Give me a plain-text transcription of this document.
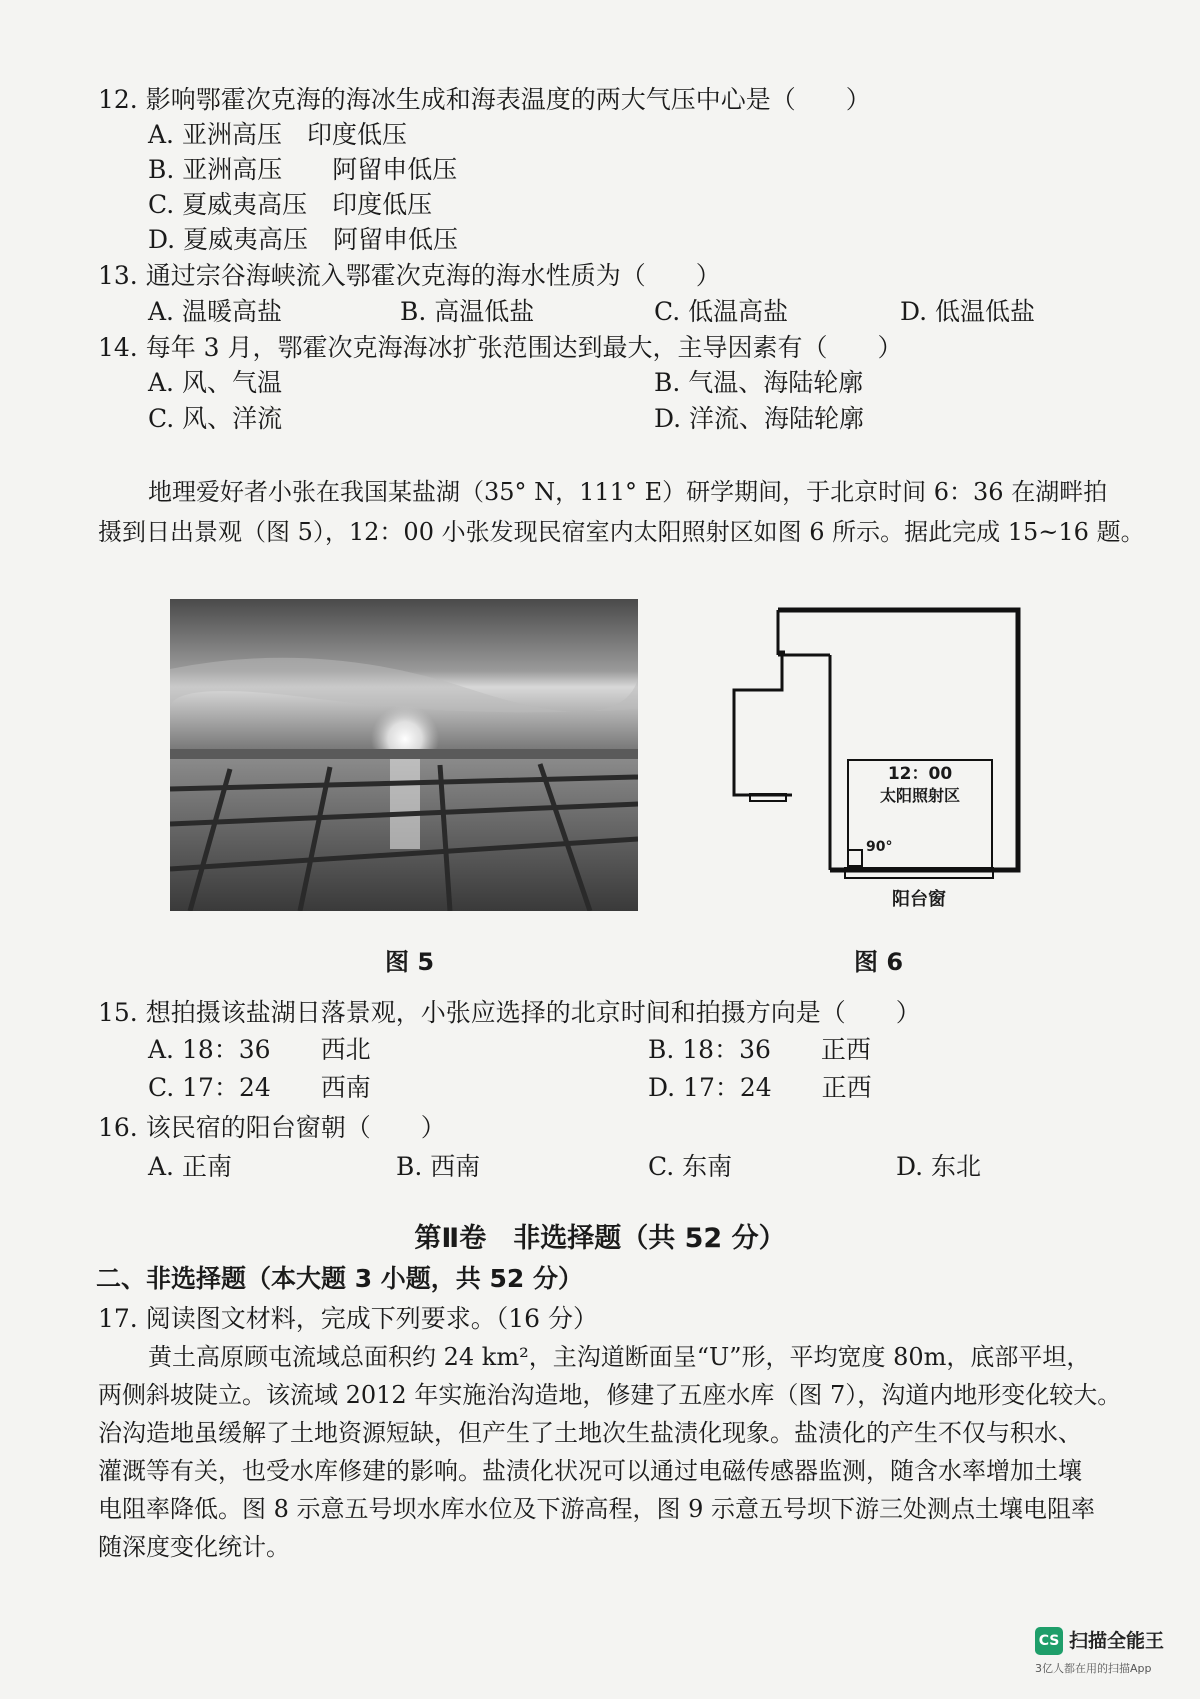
12. 影响鄂霍次克海的海冰生成和海表温度的两大气压中心是（　　）
A. 亚洲高压　印度低压
B. 亚洲高压　　阿留申低压
C. 夏威夷高压　印度低压
D. 夏威夷高压　阿留申低压
13. 通过宗谷海峡流入鄂霍次克海的海水性质为（　　）
A. 温暖高盐	B. 高温低盐	C. 低温高盐	D. 低温低盐
14. 每年 3 月，鄂霍次克海海冰扩张范围达到最大，主导因素有（　　）
A. 风、气温	B. 气温、海陆轮廓
C. 风、洋流	D. 洋流、海陆轮廓
地理爱好者小张在我国某盐湖（35° N，111° E）研学期间，于北京时间 6：36 在湖畔拍
摄到日出景观（图 5），12：00 小张发现民宿室内太阳照射区如图 6 所示。据此完成 15~16 题。
图 5
12：00
太阳照射区
90°
阳台窗
图 6
15. 想拍摄该盐湖日落景观，小张应选择的北京时间和拍摄方向是（　　）
A. 18：36　　西北	B. 18：36　　正西
C. 17：24　　西南	D. 17：24　　正西
16. 该民宿的阳台窗朝（　　）
A. 正南	B. 西南	C. 东南	D. 东北
第Ⅱ卷　非选择题（共 52 分）
二、非选择题（本大题 3 小题，共 52 分）
17. 阅读图文材料，完成下列要求。（16 分）
黄土高原顾屯流域总面积约 24 km²，主沟道断面呈“U”形，平均宽度 80m，底部平坦，
两侧斜坡陡立。该流域 2012 年实施治沟造地，修建了五座水库（图 7），沟道内地形变化较大。
治沟造地虽缓解了土地资源短缺，但产生了土地次生盐渍化现象。盐渍化的产生不仅与积水、
灌溉等有关，也受水库修建的影响。盐渍化状况可以通过电磁传感器监测，随含水率增加土壤
电阻率降低。图 8 示意五号坝水库水位及下游高程，图 9 示意五号坝下游三处测点土壤电阻率
随深度变化统计。
CS 扫描全能王
3亿人都在用的扫描App
